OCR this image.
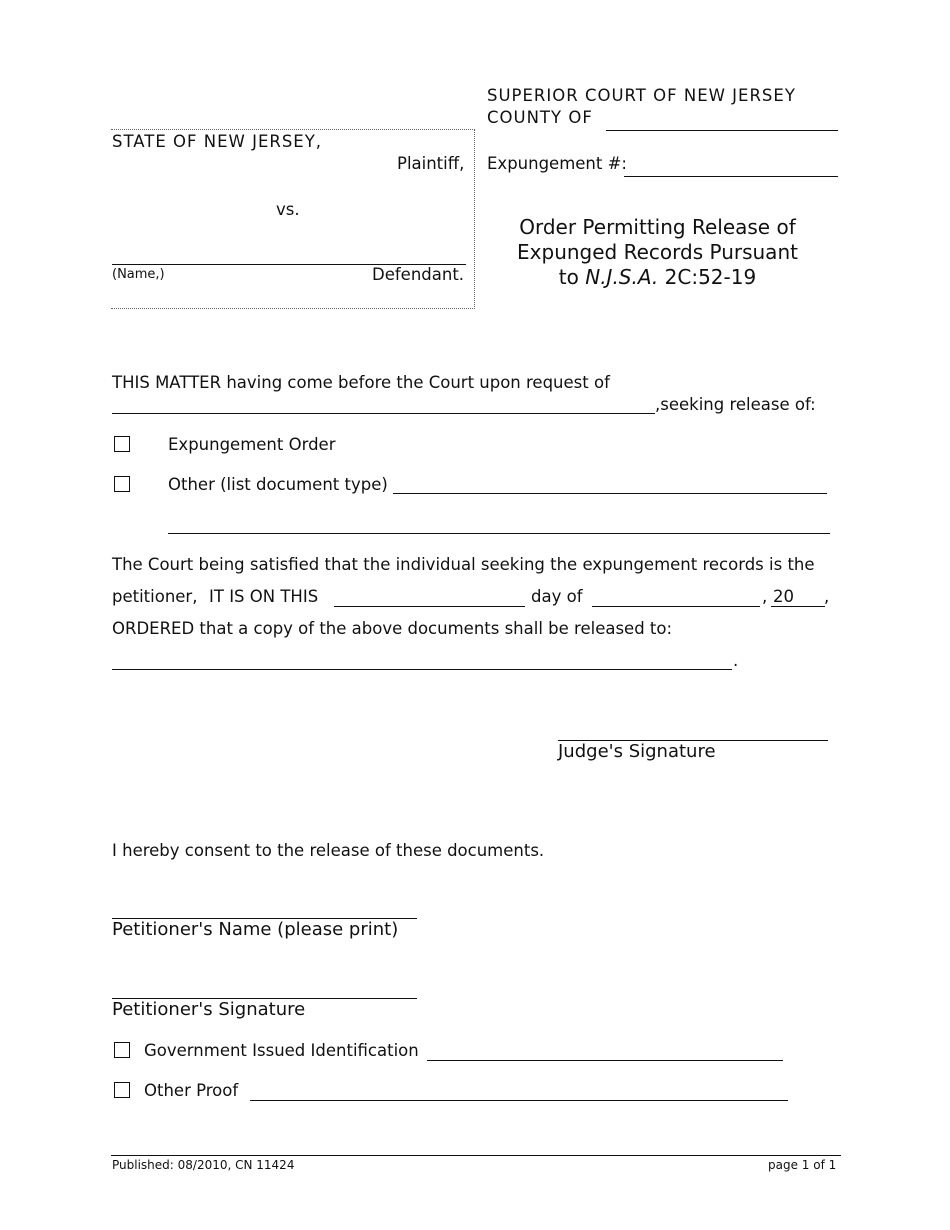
SUPERIOR COURT OF NEW JERSEY
COUNTY OF
Expungement #:
STATE OF NEW JERSEY,
Plaintiff,
vs.
(Name,)	Defendant.
Order Permitting Release of
Expunged Records Pursuant
to N.J.S.A. 2C:52-19
THIS MATTER having come before the Court upon request of
,seeking release of:
Expungement Order
Other (list document type)
The Court being satisfied that the individual seeking the expungement records is the
petitioner, IT IS ON THIS	day of	, 20 ,
ORDERED that a copy of the above documents shall be released to:
.
Judge's Signature
I hereby consent to the release of these documents.
Petitioner's Name (please print)
Petitioner's Signature
Government Issued Identification
Other Proof
Published: 08/2010, CN 11424	page 1 of 1
